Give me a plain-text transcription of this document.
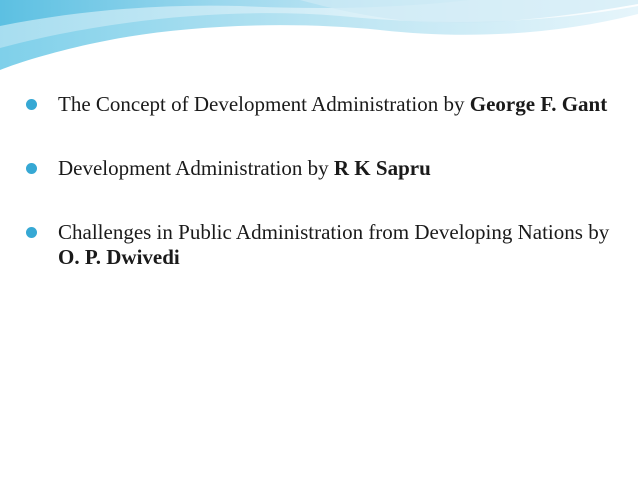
The Concept of Development Administration by George F. Gant
Development Administration by R K Sapru
Challenges in Public Administration from Developing Nations by O. P. Dwivedi
